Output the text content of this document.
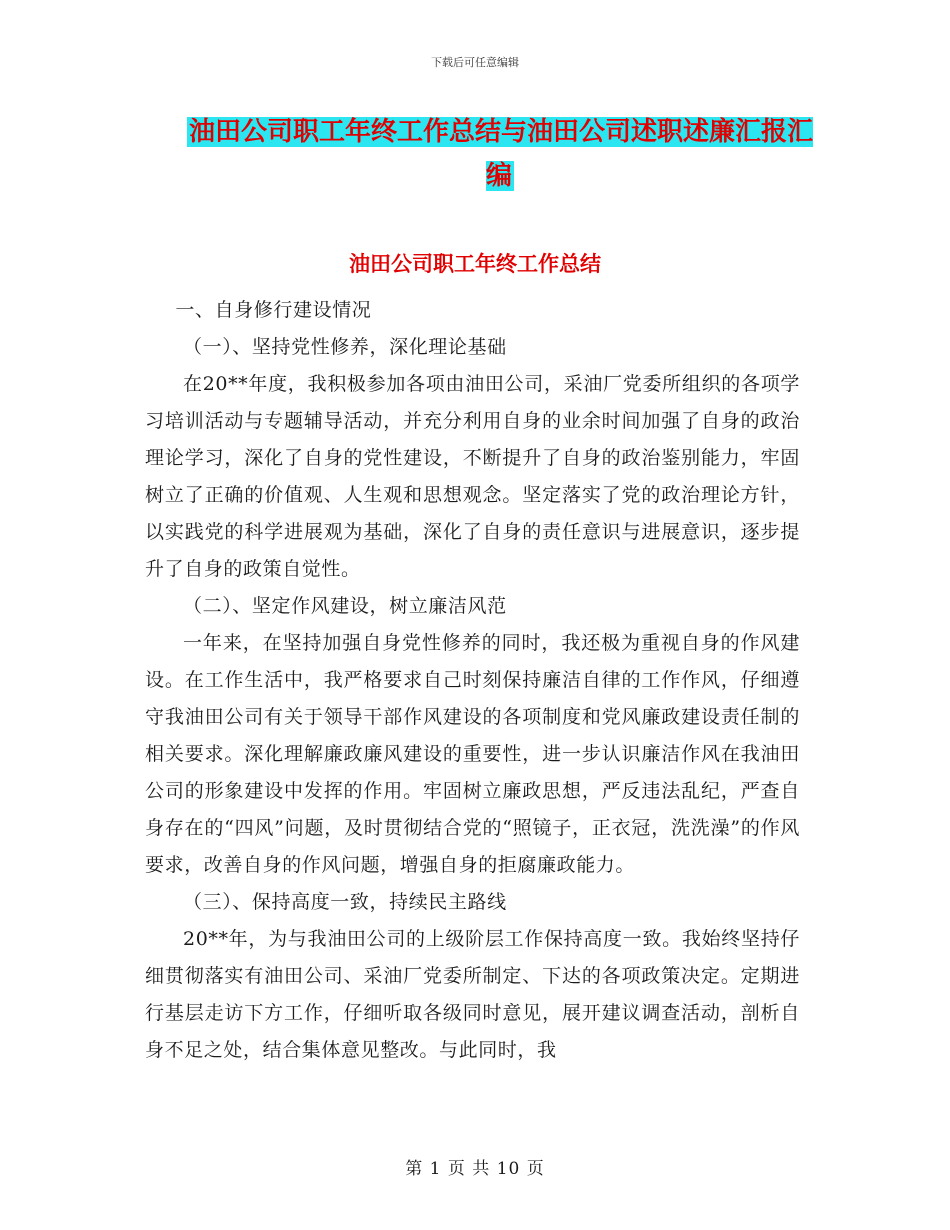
下载后可任意编辑
油田公司职工年终工作总结与油田公司述职述廉汇报汇编
油田公司职工年终工作总结

一、自身修行建设情况

（一）、坚持党性修养，深化理论基础

在20**年度，我积极参加各项由油田公司，采油厂党委所组织的各项学习培训活动与专题辅导活动，并充分利用自身的业余时间加强了自身的政治理论学习，深化了自身的党性建设，不断提升了自身的政治鉴别能力，牢固树立了正确的价值观、人生观和思想观念。坚定落实了党的政治理论方针，以实践党的科学进展观为基础，深化了自身的责任意识与进展意识，逐步提升了自身的政策自觉性。

（二）、坚定作风建设，树立廉洁风范

一年来，在坚持加强自身党性修养的同时，我还极为重视自身的作风建设。在工作生活中，我严格要求自己时刻保持廉洁自律的工作作风，仔细遵守我油田公司有关于领导干部作风建设的各项制度和党风廉政建设责任制的相关要求。深化理解廉政廉风建设的重要性，进一步认识廉洁作风在我油田公司的形象建设中发挥的作用。牢固树立廉政思想，严反违法乱纪，严查自身存在的“四风”问题，及时贯彻结合党的“照镜子，正衣冠，洗洗澡”的作风要求，改善自身的作风问题，增强自身的拒腐廉政能力。

（三）、保持高度一致，持续民主路线

20**年，为与我油田公司的上级阶层工作保持高度一致。我始终坚持仔细贯彻落实有油田公司、采油厂党委所制定、下达的各项政策决定。定期进行基层走访下方工作，仔细听取各级同时意见，展开建议调查活动，剖析自身不足之处，结合集体意见整改。与此同时，我

第 1 页 共 10 页
